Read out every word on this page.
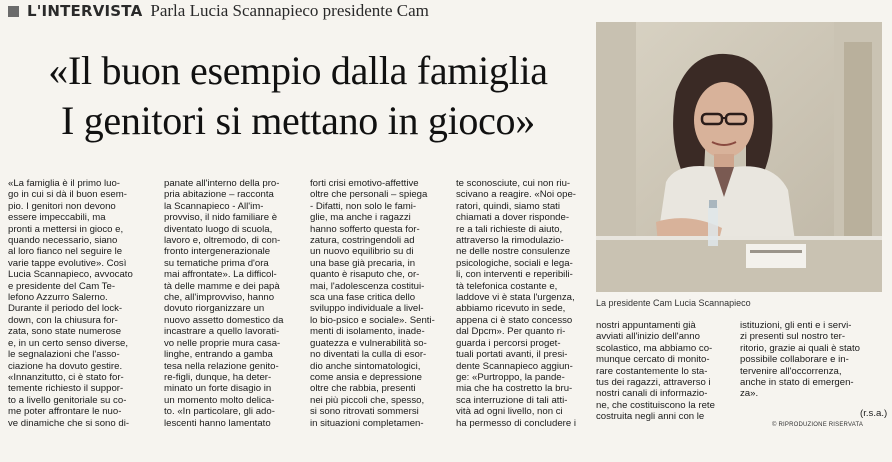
L'INTERVISTA Parla Lucia Scannapieco presidente Cam
«Il buon esempio dalla famiglia
I genitori si mettano in gioco»
La presidente Cam Lucia Scannapieco
«La famiglia è il primo luo-
go in cui si dà il buon esem-
pio. I genitori non devono
essere impeccabili, ma
pronti a mettersi in gioco e,
quando necessario, siano
al loro fianco nel seguire le
varie tappe evolutive». Così
Lucia Scannapieco, avvocato
e presidente del Cam Te-
lefono Azzurro Salerno.
Durante il periodo del lock-
down, con la chiusura for-
zata, sono state numerose
e, in un certo senso diverse,
le segnalazioni che l'asso-
ciazione ha dovuto gestire.
«Innanzitutto, ci è stato for-
temente richiesto il suppor-
to a livello genitoriale su co-
me poter affrontare le nuo-
ve dinamiche che si sono di-
panate all'interno della pro-
pria abitazione – racconta
la Scannapieco - All'im-
provviso, il nido familiare è
diventato luogo di scuola,
lavoro e, oltremodo, di con-
fronto intergenerazionale
su tematiche prima d'ora
mai affrontate». La difficol-
tà delle mamme e dei papà
che, all'improvviso, hanno
dovuto riorganizzare un
nuovo assetto domestico da
incastrare a quello lavorati-
vo nelle proprie mura casa-
linghe, entrando a gamba
tesa nella relazione genito-
re-figli, dunque, ha deter-
minato un forte disagio in
un momento molto delica-
to. «In particolare, gli ado-
lescenti hanno lamentato
forti crisi emotivo-affettive
oltre che personali – spiega
- Difatti, non solo le fami-
glie, ma anche i ragazzi
hanno sofferto questa for-
zatura, costringendoli ad
un nuovo equilibrio su di
una base già precaria, in
quanto è risaputo che, or-
mai, l'adolescenza costitui-
sca una fase critica dello
sviluppo individuale a livel-
lo bio-psico e sociale». Senti-
menti di isolamento, inade-
guatezza e vulnerabilità so-
no diventati la culla di esor-
dio anche sintomatologici,
come ansia e depressione
oltre che rabbia, presenti
nei più piccoli che, spesso,
si sono ritrovati sommersi
in situazioni completamen-
te sconosciute, cui non riu-
scivano a reagire. «Noi ope-
ratori, quindi, siamo stati
chiamati a dover risponde-
re a tali richieste di aiuto,
attraverso la rimodulazio-
ne delle nostre consulenze
psicologiche, sociali e lega-
li, con interventi e reperibili-
tà telefonica costante e,
laddove vi è stata l'urgenza,
abbiamo ricevuto in sede,
appena ci è stato concesso
dal Dpcm». Per quanto ri-
guarda i percorsi proget-
tuali portati avanti, il presi-
dente Scannapieco aggiun-
ge: «Purtroppo, la pande-
mia che ha costretto la bru-
sca interruzione di tali atti-
vità ad ogni livello, non ci
ha permesso di concludere i
nostri appuntamenti già
avviati all'inizio dell'anno
scolastico, ma abbiamo co-
munque cercato di monito-
rare costantemente lo sta-
tus dei ragazzi, attraverso i
nostri canali di informazio-
ne, che costituiscono la rete
costruita negli anni con le
istituzioni, gli enti e i servi-
zi presenti sul nostro ter-
ritorio, grazie ai quali è stato
possibile collaborare e in-
tervenire all'occorrenza,
anche in stato di emergen-
za».
(r.s.a.)
© RIPRODUZIONE RISERVATA
